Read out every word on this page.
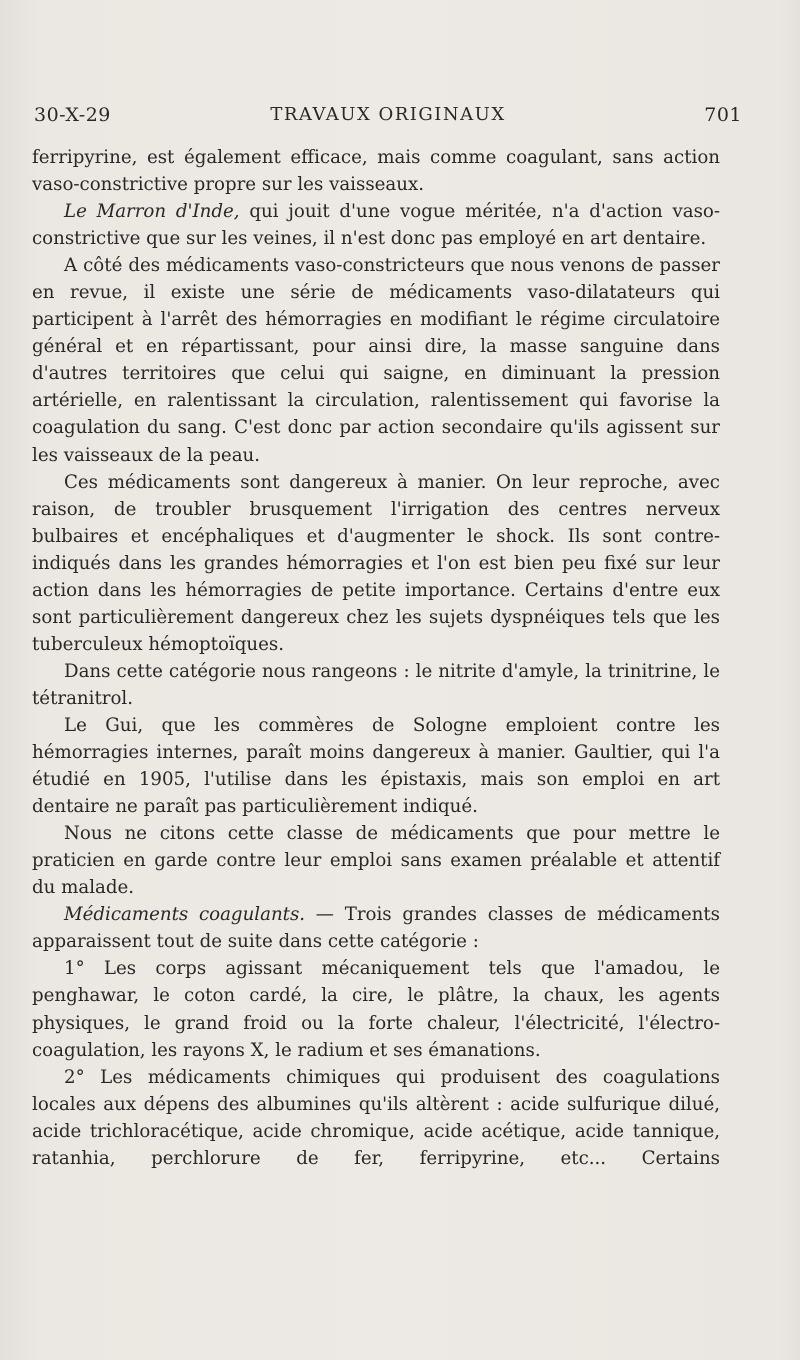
30-X-29	TRAVAUX ORIGINAUX	701

ferripyrine, est également efficace, mais comme coagulant, sans action vaso-constrictive propre sur les vaisseaux.

Le Marron d'Inde, qui jouit d'une vogue méritée, n'a d'action vaso-constrictive que sur les veines, il n'est donc pas employé en art dentaire.

A côté des médicaments vaso-constricteurs que nous venons de passer en revue, il existe une série de médicaments vaso-dilatateurs qui participent à l'arrêt des hémorragies en modifiant le régime circulatoire général et en répartissant, pour ainsi dire, la masse sanguine dans d'autres territoires que celui qui saigne, en diminuant la pression artérielle, en ralentissant la circulation, ralentissement qui favorise la coagulation du sang. C'est donc par action secondaire qu'ils agissent sur les vaisseaux de la peau.

Ces médicaments sont dangereux à manier. On leur reproche, avec raison, de troubler brusquement l'irrigation des centres nerveux bulbaires et encéphaliques et d'augmenter le shock. Ils sont contre-indiqués dans les grandes hémorragies et l'on est bien peu fixé sur leur action dans les hémorragies de petite importance. Certains d'entre eux sont particulièrement dangereux chez les sujets dyspnéiques tels que les tuberculeux hémoptoïques.

Dans cette catégorie nous rangeons : le nitrite d'amyle, la trinitrine, le tétranitrol.

Le Gui, que les commères de Sologne emploient contre les hémorragies internes, paraît moins dangereux à manier. Gaultier, qui l'a étudié en 1905, l'utilise dans les épistaxis, mais son emploi en art dentaire ne paraît pas particulièrement indiqué.

Nous ne citons cette classe de médicaments que pour mettre le praticien en garde contre leur emploi sans examen préalable et attentif du malade.

Médicaments coagulants. — Trois grandes classes de médicaments apparaissent tout de suite dans cette catégorie :

1° Les corps agissant mécaniquement tels que l'amadou, le penghawar, le coton cardé, la cire, le plâtre, la chaux, les agents physiques, le grand froid ou la forte chaleur, l'électricité, l'électro-coagulation, les rayons X, le radium et ses émanations.

2° Les médicaments chimiques qui produisent des coagulations locales aux dépens des albumines qu'ils altèrent : acide sulfurique dilué, acide trichloracétique, acide chromique, acide acétique, acide tannique, ratanhia, perchlorure de fer, ferripyrine, etc... Certains
